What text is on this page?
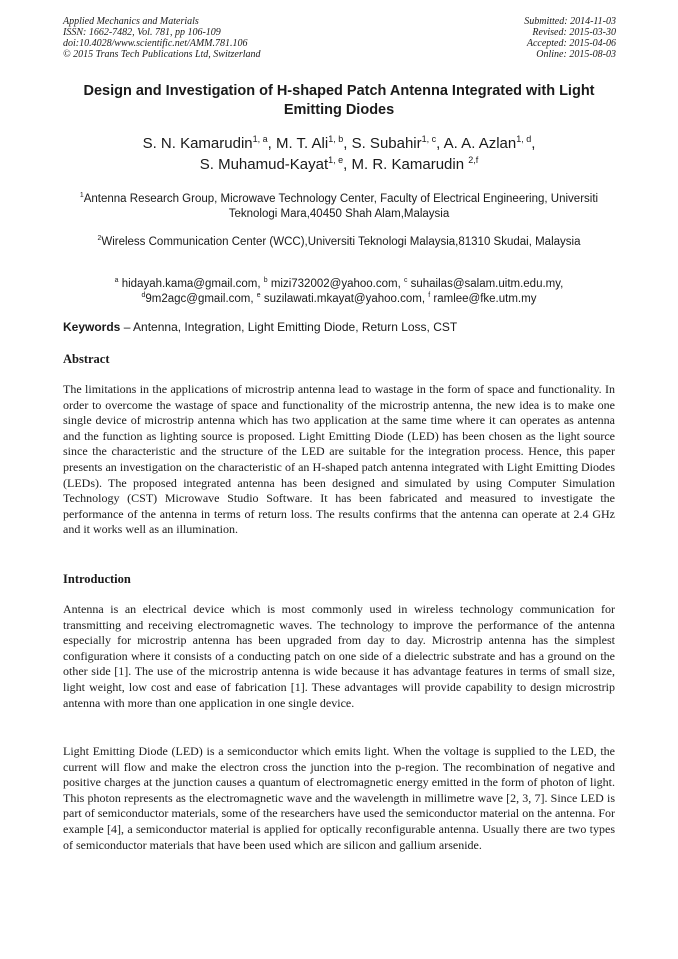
Applied Mechanics and Materials
ISSN: 1662-7482, Vol. 781, pp 106-109
doi:10.4028/www.scientific.net/AMM.781.106
© 2015 Trans Tech Publications Ltd, Switzerland
Submitted: 2014-11-03
Revised: 2015-03-30
Accepted: 2015-04-06
Online: 2015-08-03
Design and Investigation of H-shaped Patch Antenna Integrated with Light Emitting Diodes
S. N. Kamarudin$^{1, a}$, M. T. Ali$^{1, b}$, S. Subahir$^{1, c}$, A. A. Azlan$^{1, d}$,
S. Muhamud-Kayat$^{1, e}$, M. R. Kamarudin $^{2,f}$
$^1$Antenna Research Group, Microwave Technology Center, Faculty of Electrical Engineering, Universiti Teknologi Mara,40450 Shah Alam,Malaysia
$^2$Wireless Communication Center (WCC),Universiti Teknologi Malaysia,81310 Skudai, Malaysia
$^a$ hidayah.kama@gmail.com, $^b$ mizi732002@yahoo.com, $^c$ suhailas@salam.uitm.edu.my,
$^d$9m2agc@gmail.com, $^e$ suzilawati.mkayat@yahoo.com, $^f$ ramlee@fke.utm.my
Keywords – Antenna, Integration, Light Emitting Diode, Return Loss, CST
Abstract
The limitations in the applications of microstrip antenna lead to wastage in the form of space and functionality. In order to overcome the wastage of space and functionality of the microstrip antenna, the new idea is to make one single device of microstrip antenna which has two application at the same time where it can operates as antenna and the function as lighting source is proposed. Light Emitting Diode (LED) has been chosen as the light source since the characteristic and the structure of the LED are suitable for the integration process. Hence, this paper presents an investigation on the characteristic of an H-shaped patch antenna integrated with Light Emitting Diodes (LEDs). The proposed integrated antenna has been designed and simulated by using Computer Simulation Technology (CST) Microwave Studio Software. It has been fabricated and measured to investigate the performance of the antenna in terms of return loss. The results confirms that the antenna can operate at 2.4 GHz and it works well as an illumination.
Introduction
Antenna is an electrical device which is most commonly used in wireless technology communication for transmitting and receiving electromagnetic waves. The technology to improve the performance of the antenna especially for microstrip antenna has been upgraded from day to day. Microstrip antenna has the simplest configuration where it consists of a conducting patch on one side of a dielectric substrate and has a ground on the other side [1]. The use of the microstrip antenna is wide because it has advantage features in terms of small size, light weight, low cost and ease of fabrication [1]. These advantages will provide capability to design microstrip antenna with more than one application in one single device.
Light Emitting Diode (LED) is a semiconductor which emits light. When the voltage is supplied to the LED, the current will flow and make the electron cross the junction into the p-region. The recombination of negative and positive charges at the junction causes a quantum of electromagnetic energy emitted in the form of photon of light. This photon represents as the electromagnetic wave and the wavelength in millimetre wave [2, 3, 7]. Since LED is part of semiconductor materials, some of the researchers have used the semiconductor material on the antenna. For example [4], a semiconductor material is applied for optically reconfigurable antenna. Usually there are two types of semiconductor materials that have been used which are silicon and gallium arsenide.
